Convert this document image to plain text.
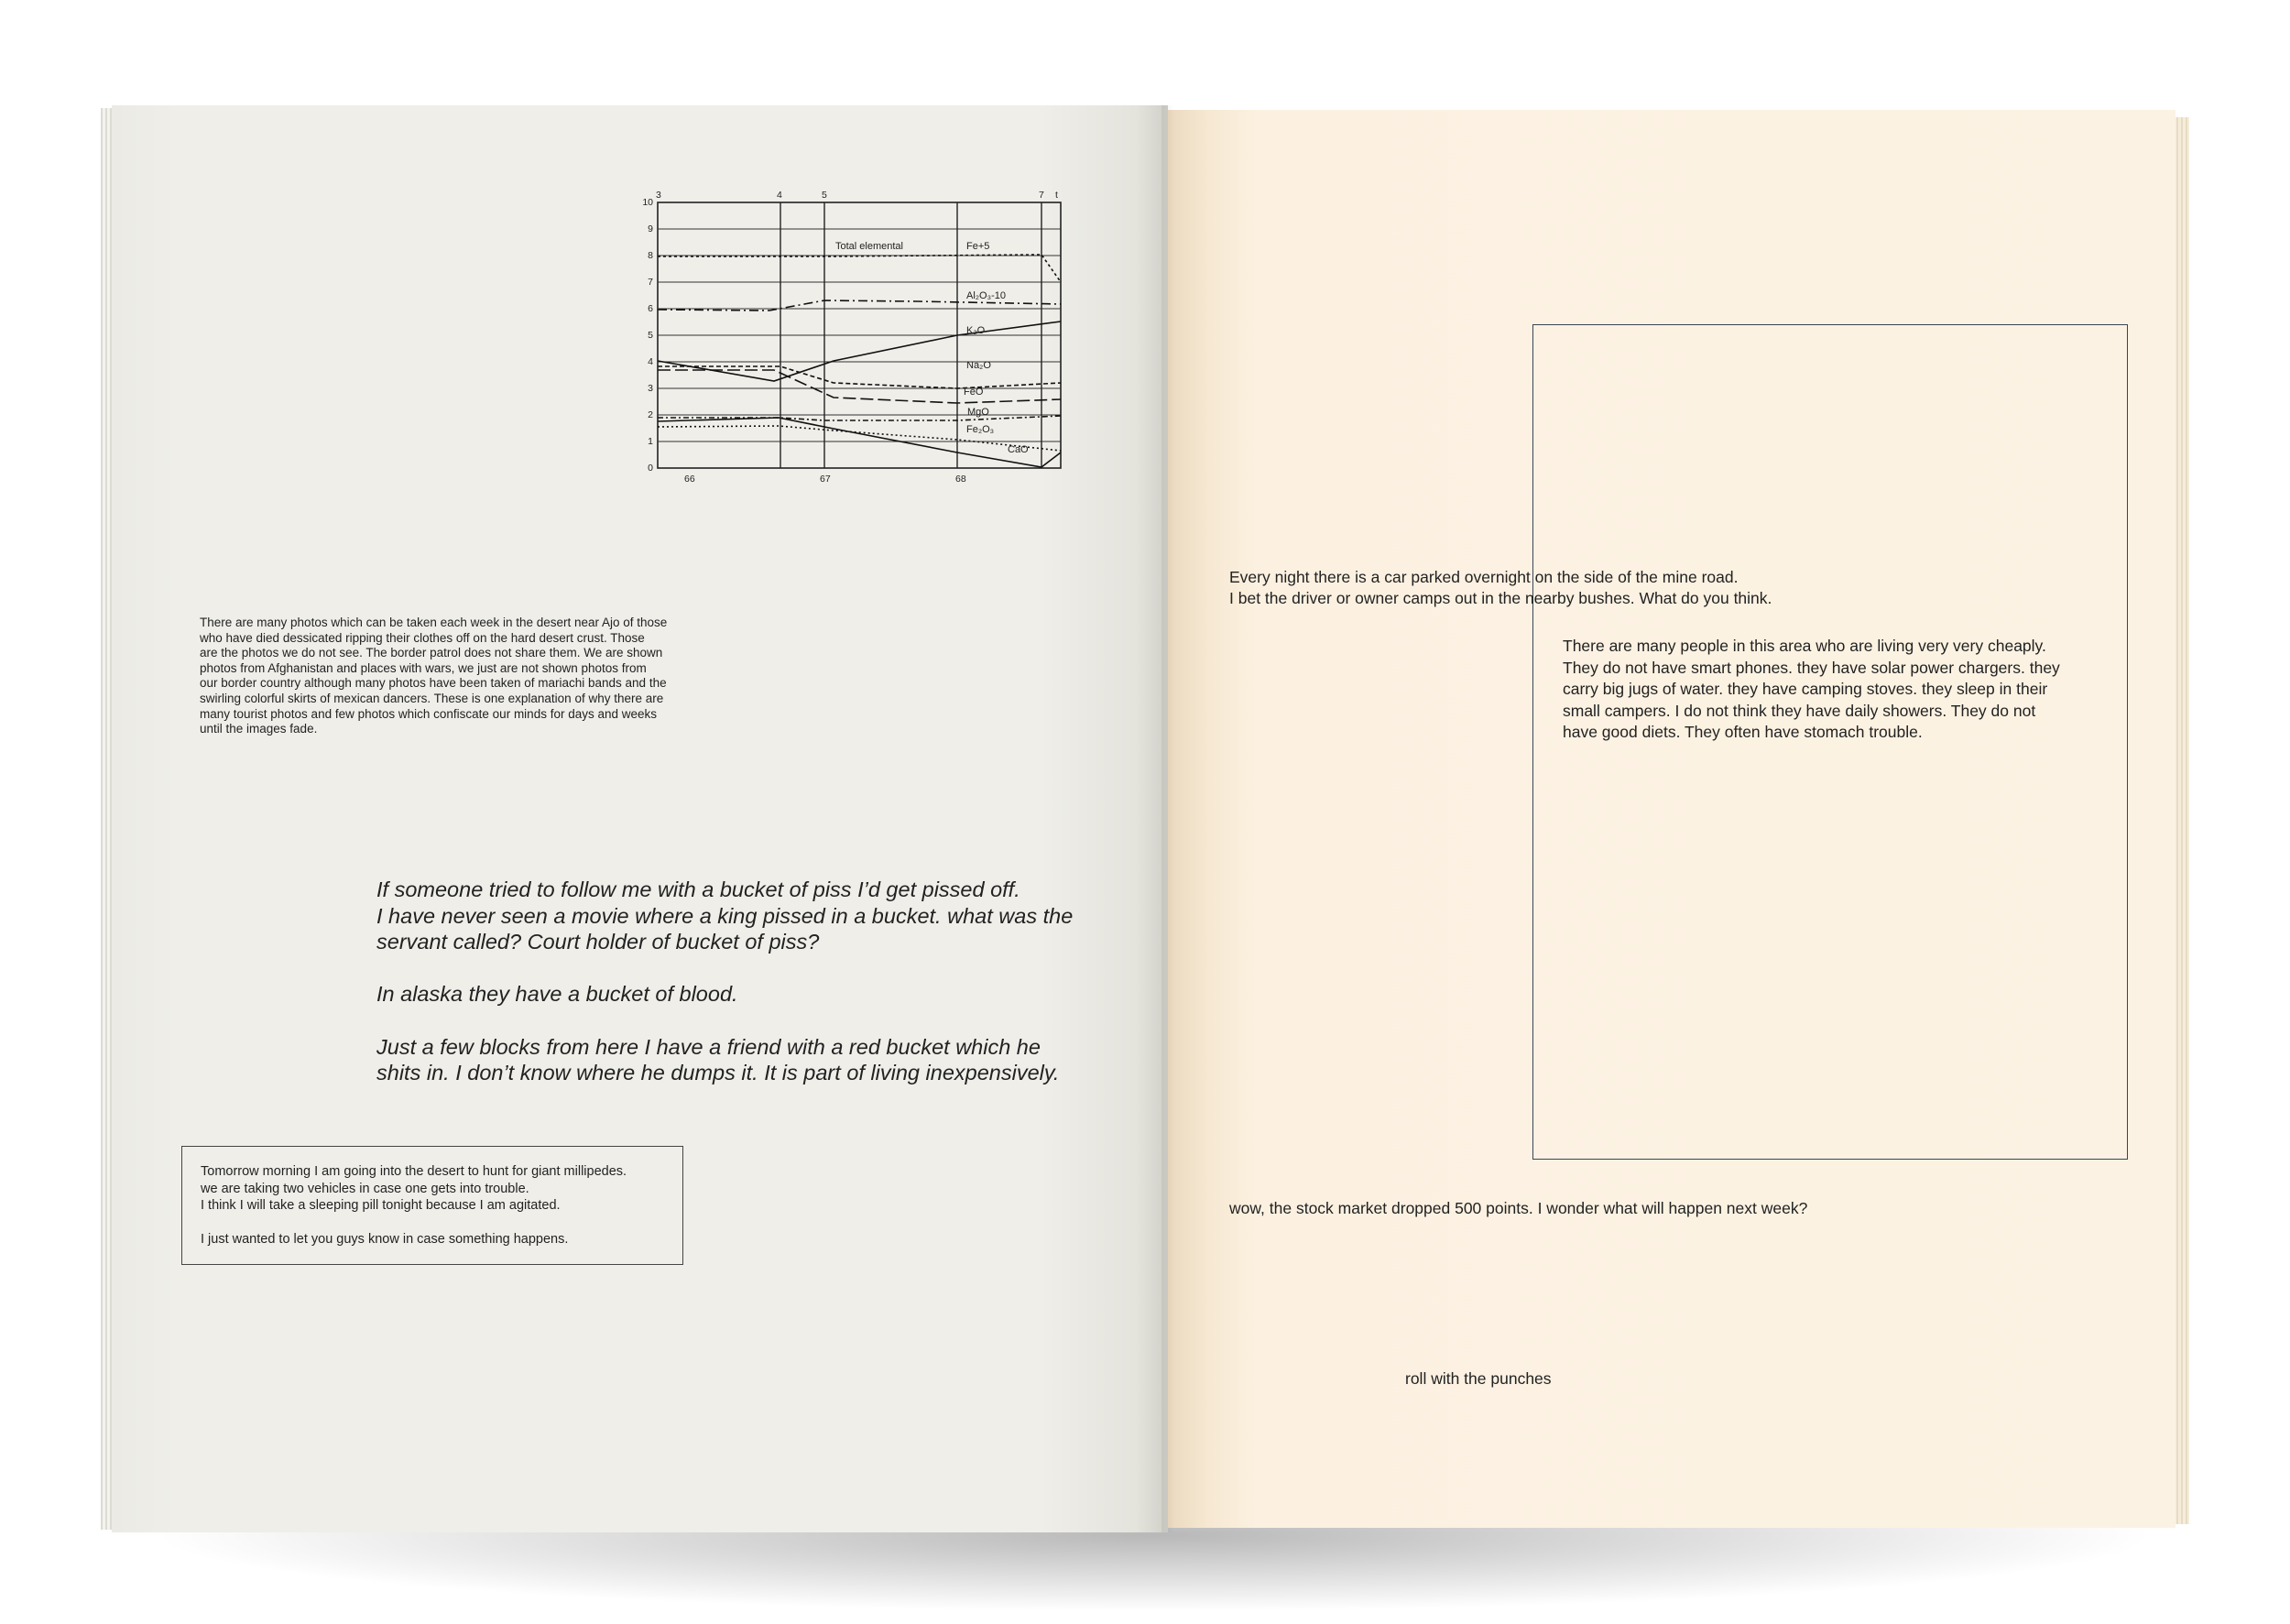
0
1
2
3
4
5
6
7
8
9
10
3	4	5	7 t
66	67	68
Total elemental	Fe+5
Al₂O₃-10
K₂O
Na₂O
FeO
MgO
Fe₂O₃
CaO
There are many photos which can be taken each week in the desert near Ajo of those
who have died dessicated ripping their clothes off on the hard desert crust. Those
are the photos we do not see. The border patrol does not share them. We are shown
photos from Afghanistan and places with wars, we just are not shown photos from
our border country although many photos have been taken of mariachi bands and the
swirling colorful skirts of mexican dancers. These is one explanation of why there are
many tourist photos and few photos which confiscate our minds for days and weeks
until the images fade.

If someone tried to follow me with a bucket of piss I’d get pissed off.
I have never seen a movie where a king pissed in a bucket. what was the
servant called? Court holder of bucket of piss?

In alaska they have a bucket of blood.

Just a few blocks from here I have a friend with a red bucket which he
shits in. I don’t know where he dumps it. It is part of living inexpensively.

Tomorrow morning I am going into the desert to hunt for giant millipedes.
we are taking two vehicles in case one gets into trouble.
I think I will take a sleeping pill tonight because I am agitated.
I just wanted to let you guys know in case something happens.
Every night there is a car parked overnight on the side of the mine road.
I bet the driver or owner camps out in the nearby bushes. What do you think.
There are many people in this area who are living very very cheaply.
They do not have smart phones. they have solar power chargers. they
carry big jugs of water. they have camping stoves. they sleep in their
small campers. I do not think they have daily showers. They do not
have good diets. They often have stomach trouble.
wow, the stock market dropped 500 points. I wonder what will happen next week?
roll with the punches
